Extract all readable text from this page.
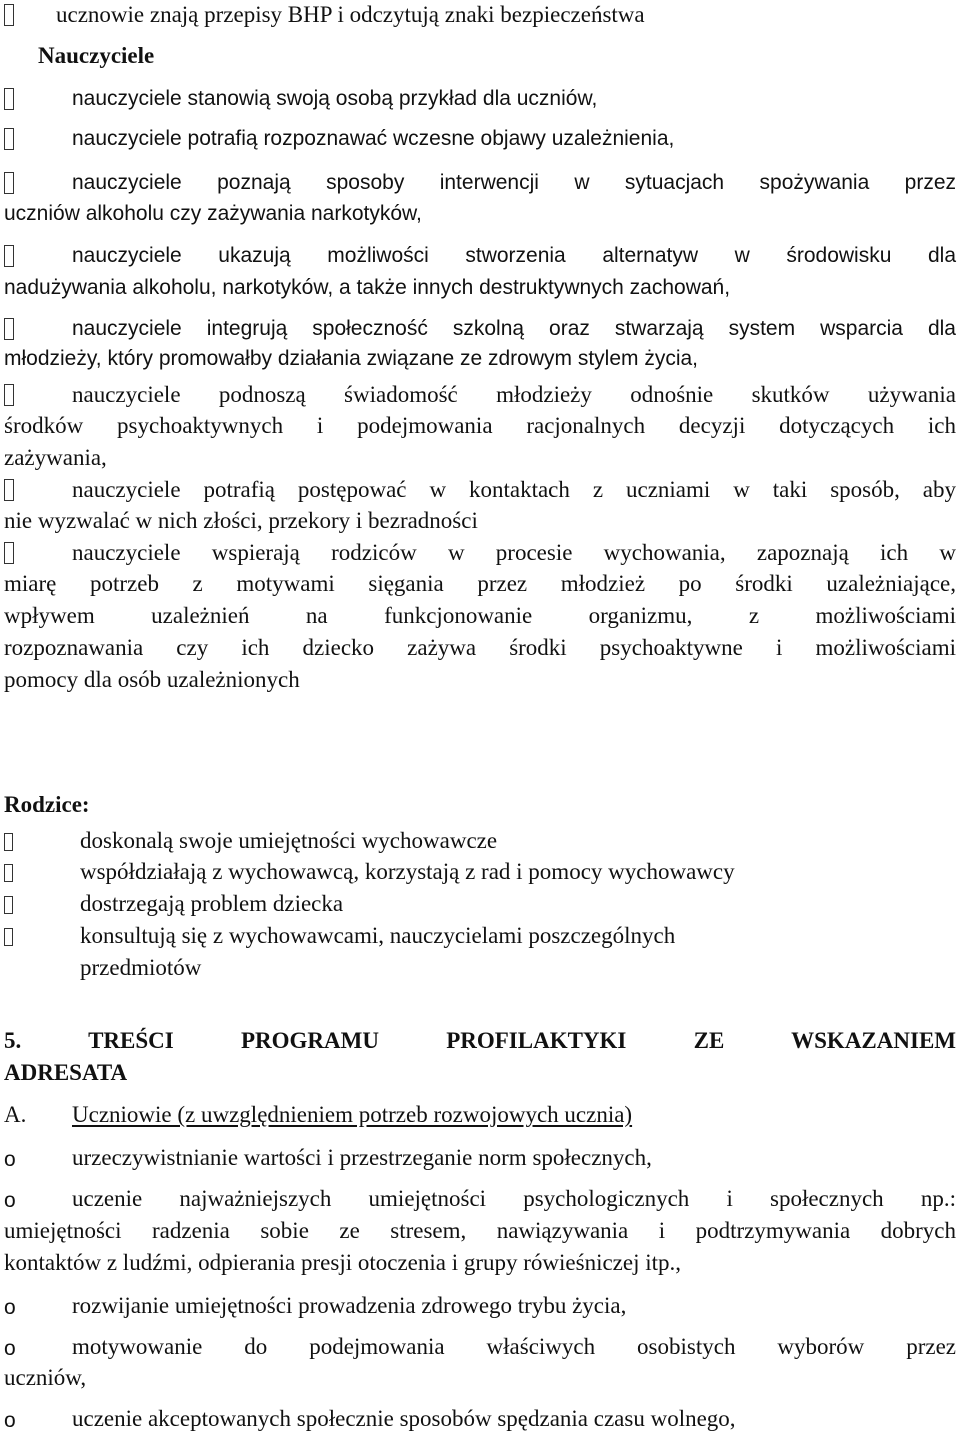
ucznowie znają przepisy BHP i odczytują znaki bezpieczeństwa

Nauczyciele

nauczyciele stanowią swoją osobą przykład dla uczniów,

nauczyciele potrafią rozpoznawać wczesne objawy uzależnienia,

nauczyciele poznają sposoby interwencji w sytuacjach spożywania przez

uczniów alkoholu czy zażywania narkotyków,

nauczyciele ukazują możliwości stworzenia alternatyw w środowisku dla

nadużywania alkoholu, narkotyków, a także innych destruktywnych zachowań,

nauczyciele integrują społeczność szkolną oraz stwarzają system wsparcia dla

młodzieży, który promowałby działania związane ze zdrowym stylem życia,

nauczyciele podnoszą świadomość młodzieży odnośnie skutków używania

środków psychoaktywnych i podejmowania racjonalnych decyzji dotyczących ich

zażywania,

nauczyciele potrafią postępować w kontaktach z uczniami w taki sposób, aby

nie wyzwalać w nich złości, przekory i bezradności

nauczyciele wspierają rodziców w procesie wychowania, zapoznają ich w

miarę potrzeb z motywami sięgania przez młodzież po środki uzależniające,

wpływem uzależnień na funkcjonowanie organizmu, z możliwościami

rozpoznawania czy ich dziecko zażywa środki psychoaktywne i możliwościami

pomocy dla osób uzależnionych

Rodzice:

doskonalą swoje umiejętności wychowawcze

współdziałają z wychowawcą, korzystają z rad i pomocy wychowawcy

dostrzegają problem dziecka

konsultują się z wychowawcami, nauczycielami poszczególnych

przedmiotów

5. TREŚCI PROGRAMU PROFILAKTYKI ZE WSKAZANIEM

ADRESATA

A. Uczniowie (z uwzględnieniem potrzeb rozwojowych ucznia)

o urzeczywistnianie wartości i przestrzeganie norm społecznych,

o uczenie najważniejszych umiejętności psychologicznych i społecznych np.:

umiejętności radzenia sobie ze stresem, nawiązywania i podtrzymywania dobrych

kontaktów z ludźmi, odpierania presji otoczenia i grupy rówieśniczej itp.,

o rozwijanie umiejętności prowadzenia zdrowego trybu życia,

o motywowanie do podejmowania właściwych osobistych wyborów przez

uczniów,

o uczenie akceptowanych społecznie sposobów spędzania czasu wolnego,
